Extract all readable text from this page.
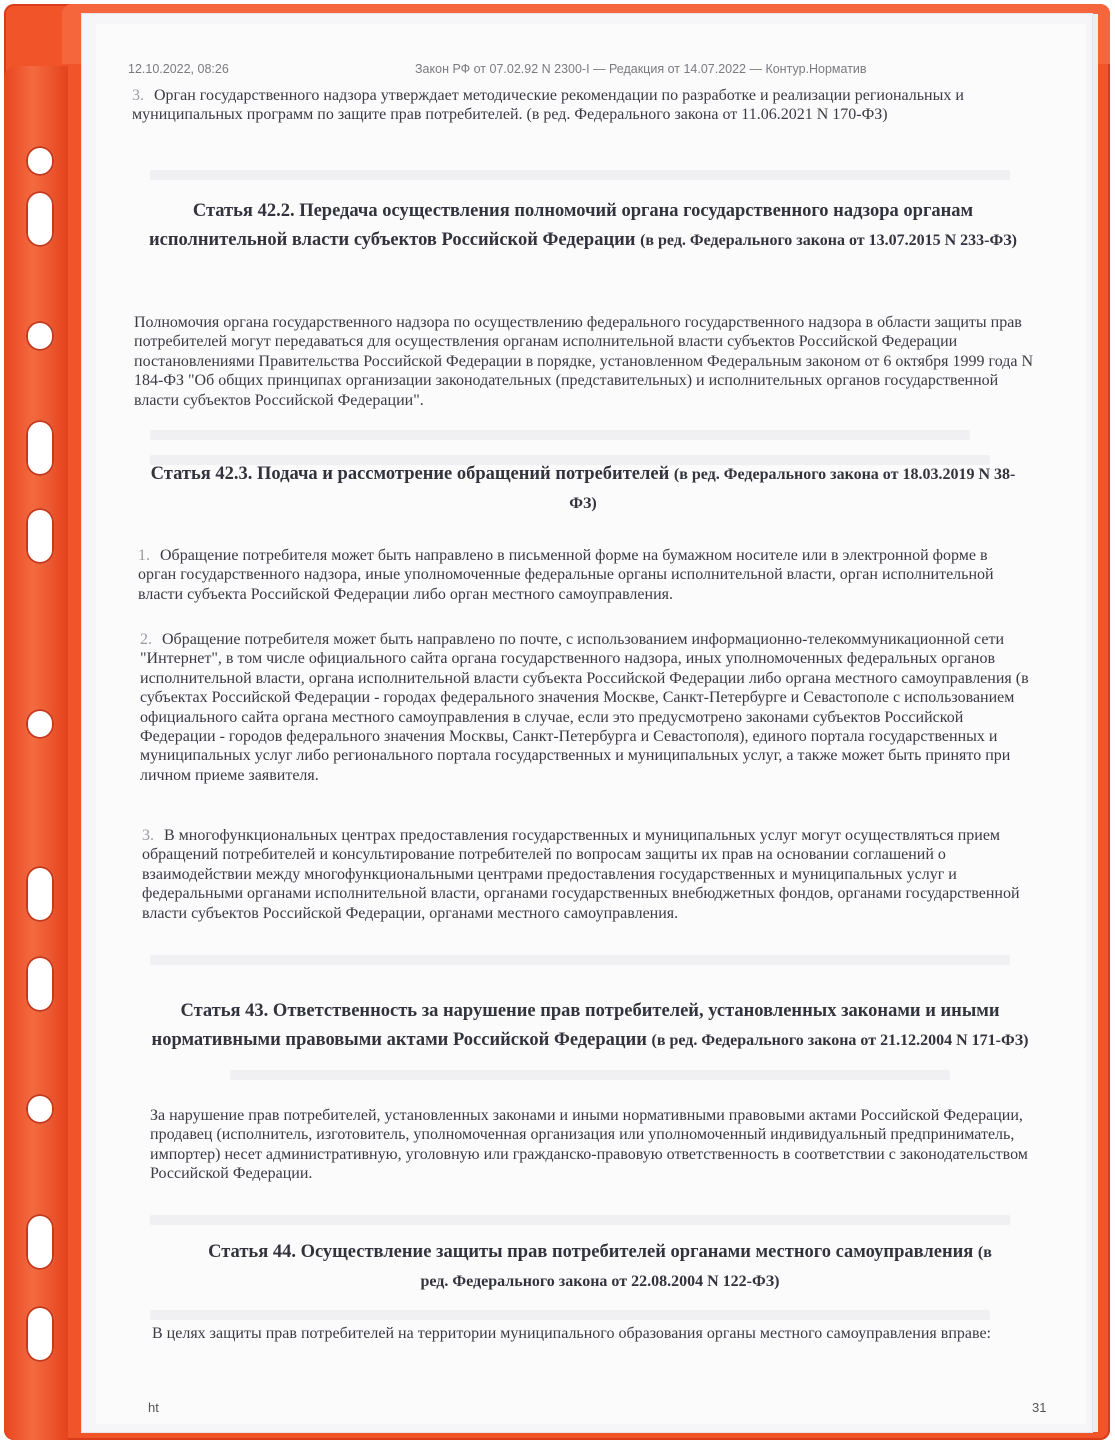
12.10.2022, 08:26	Закон РФ от 07.02.92 N 2300-I — Редакция от 14.07.2022 — Контур.Норматив
3. Орган государственного надзора утверждает методические рекомендации по разработке и реализации региональных и муниципальных программ по защите прав потребителей. (в ред. Федерального закона от 11.06.2021 N 170-ФЗ)
Статья 42.2. Передача осуществления полномочий органа государственного надзора органам исполнительной власти субъектов Российской Федерации (в ред. Федерального закона от 13.07.2015 N 233-ФЗ)
Полномочия органа государственного надзора по осуществлению федерального государственного надзора в области защиты прав потребителей могут передаваться для осуществления органам исполнительной власти субъектов Российской Федерации постановлениями Правительства Российской Федерации в порядке, установленном Федеральным законом от 6 октября 1999 года N 184-ФЗ "Об общих принципах организации законодательных (представительных) и исполнительных органов государственной власти субъектов Российской Федерации".
Статья 42.3. Подача и рассмотрение обращений потребителей (в ред. Федерального закона от 18.03.2019 N 38-ФЗ)
1. Обращение потребителя может быть направлено в письменной форме на бумажном носителе или в электронной форме в орган государственного надзора, иные уполномоченные федеральные органы исполнительной власти, орган исполнительной власти субъекта Российской Федерации либо орган местного самоуправления.
2. Обращение потребителя может быть направлено по почте, с использованием информационно-телекоммуникационной сети "Интернет", в том числе официального сайта органа государственного надзора, иных уполномоченных федеральных органов исполнительной власти, органа исполнительной власти субъекта Российской Федерации либо органа местного самоуправления (в субъектах Российской Федерации - городах федерального значения Москве, Санкт-Петербурге и Севастополе с использованием официального сайта органа местного самоуправления в случае, если это предусмотрено законами субъектов Российской Федерации - городов федерального значения Москвы, Санкт-Петербурга и Севастополя), единого портала государственных и муниципальных услуг либо регионального портала государственных и муниципальных услуг, а также может быть принято при личном приеме заявителя.
3. В многофункциональных центрах предоставления государственных и муниципальных услуг могут осуществляться прием обращений потребителей и консультирование потребителей по вопросам защиты их прав на основании соглашений о взаимодействии между многофункциональными центрами предоставления государственных и муниципальных услуг и федеральными органами исполнительной власти, органами государственных внебюджетных фондов, органами государственной власти субъектов Российской Федерации, органами местного самоуправления.
Статья 43. Ответственность за нарушение прав потребителей, установленных законами и иными нормативными правовыми актами Российской Федерации (в ред. Федерального закона от 21.12.2004 N 171-ФЗ)
За нарушение прав потребителей, установленных законами и иными нормативными правовыми актами Российской Федерации, продавец (исполнитель, изготовитель, уполномоченная организация или уполномоченный индивидуальный предприниматель, импортер) несет административную, уголовную или гражданско-правовую ответственность в соответствии с законодательством Российской Федерации.
Статья 44. Осуществление защиты прав потребителей органами местного самоуправления (в ред. Федерального закона от 22.08.2004 N 122-ФЗ)
В целях защиты прав потребителей на территории муниципального образования органы местного самоуправления вправе:
ht	31
